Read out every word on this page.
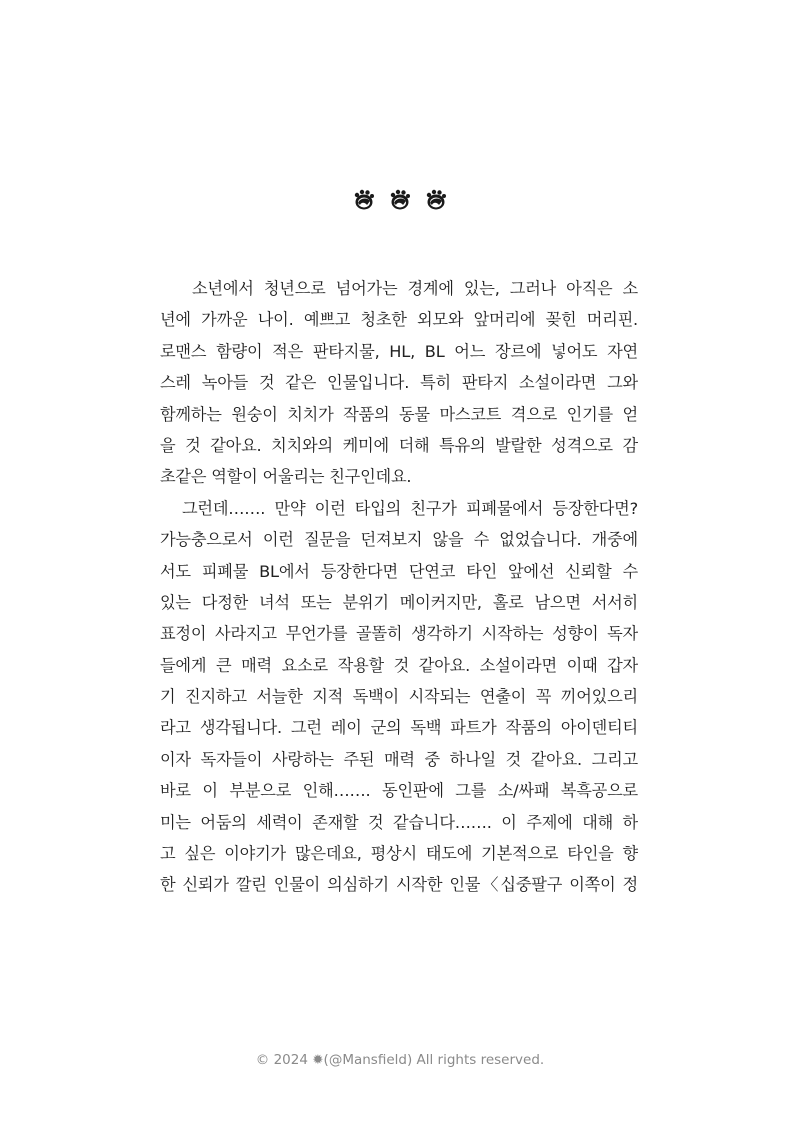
소년에서 청년으로 넘어가는 경계에 있는, 그러나 아직은 소
년에 가까운 나이. 예쁘고 청초한 외모와 앞머리에 꽂힌 머리핀.
로맨스 함량이 적은 판타지물, HL, BL 어느 장르에 넣어도 자연
스레 녹아들 것 같은 인물입니다. 특히 판타지 소설이라면 그와
함께하는 원숭이 치치가 작품의 동물 마스코트 격으로 인기를 얻
을 것 같아요. 치치와의 케미에 더해 특유의 발랄한 성격으로 감
초같은 역할이 어울리는 친구인데요.
그런데……. 만약 이런 타입의 친구가 피폐물에서 등장한다면?
가능충으로서 이런 질문을 던져보지 않을 수 없었습니다. 개중에
서도 피폐물 BL에서 등장한다면 단연코 타인 앞에선 신뢰할 수
있는 다정한 녀석 또는 분위기 메이커지만, 홀로 남으면 서서히
표정이 사라지고 무언가를 골똘히 생각하기 시작하는 성향이 독자
들에게 큰 매력 요소로 작용할 것 같아요. 소설이라면 이때 갑자
기 진지하고 서늘한 지적 독백이 시작되는 연출이 꼭 끼어있으리
라고 생각됩니다. 그런 레이 군의 독백 파트가 작품의 아이덴티티
이자 독자들이 사랑하는 주된 매력 중 하나일 것 같아요. 그리고
바로 이 부분으로 인해……. 동인판에 그를 소/싸패 복흑공으로
미는 어둠의 세력이 존재할 것 같습니다……. 이 주제에 대해 하
고 싶은 이야기가 많은데요, 평상시 태도에 기본적으로 타인을 향
한 신뢰가 깔린 인물이 의심하기 시작한 인물〈십중팔구 이쪽이 정
© 2024 ✹(@Mansfield) All rights reserved.
